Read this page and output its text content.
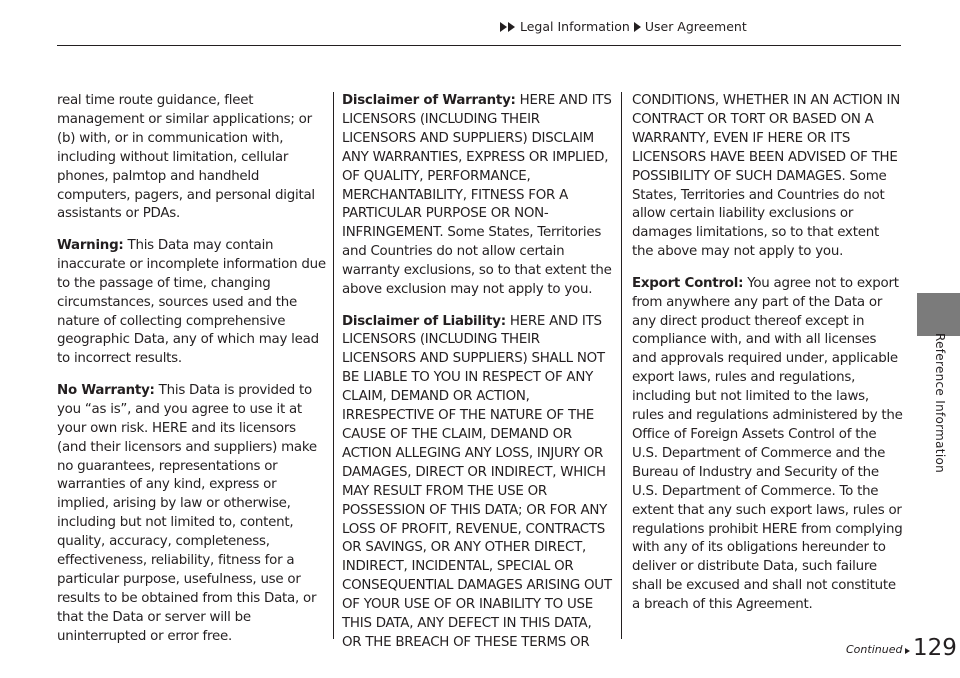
Legal Information User Agreement

real time route guidance, fleet management or similar applications; or (b) with, or in communication with, including without limitation, cellular phones, palmtop and handheld computers, pagers, and personal digital assistants or PDAs.

Warning: This Data may contain inaccurate or incomplete information due to the passage of time, changing circumstances, sources used and the nature of collecting comprehensive geographic Data, any of which may lead to incorrect results.

No Warranty: This Data is provided to you “as is”, and you agree to use it at your own risk. HERE and its licensors (and their licensors and suppliers) make no guarantees, representations or warranties of any kind, express or implied, arising by law or otherwise, including but not limited to, content, quality, accuracy, completeness, effectiveness, reliability, fitness for a particular purpose, usefulness, use or results to be obtained from this Data, or that the Data or server will be uninterrupted or error free.

Disclaimer of Warranty: HERE AND ITS LICENSORS (INCLUDING THEIR LICENSORS AND SUPPLIERS) DISCLAIM ANY WARRANTIES, EXPRESS OR IMPLIED, OF QUALITY, PERFORMANCE, MERCHANTABILITY, FITNESS FOR A PARTICULAR PURPOSE OR NON-INFRINGEMENT. Some States, Territories and Countries do not allow certain warranty exclusions, so to that extent the above exclusion may not apply to you.

Disclaimer of Liability: HERE AND ITS LICENSORS (INCLUDING THEIR LICENSORS AND SUPPLIERS) SHALL NOT BE LIABLE TO YOU IN RESPECT OF ANY CLAIM, DEMAND OR ACTION, IRRESPECTIVE OF THE NATURE OF THE CAUSE OF THE CLAIM, DEMAND OR ACTION ALLEGING ANY LOSS, INJURY OR DAMAGES, DIRECT OR INDIRECT, WHICH MAY RESULT FROM THE USE OR POSSESSION OF THIS DATA; OR FOR ANY LOSS OF PROFIT, REVENUE, CONTRACTS OR SAVINGS, OR ANY OTHER DIRECT, INDIRECT, INCIDENTAL, SPECIAL OR CONSEQUENTIAL DAMAGES ARISING OUT OF YOUR USE OF OR INABILITY TO USE THIS DATA, ANY DEFECT IN THIS DATA, OR THE BREACH OF THESE TERMS OR

CONDITIONS, WHETHER IN AN ACTION IN CONTRACT OR TORT OR BASED ON A WARRANTY, EVEN IF HERE OR ITS LICENSORS HAVE BEEN ADVISED OF THE POSSIBILITY OF SUCH DAMAGES. Some States, Territories and Countries do not allow certain liability exclusions or damages limitations, so to that extent the above may not apply to you.

Export Control: You agree not to export from anywhere any part of the Data or any direct product thereof except in compliance with, and with all licenses and approvals required under, applicable export laws, rules and regulations, including but not limited to the laws, rules and regulations administered by the Office of Foreign Assets Control of the U.S. Department of Commerce and the Bureau of Industry and Security of the U.S. Department of Commerce. To the extent that any such export laws, rules or regulations prohibit HERE from complying with any of its obligations hereunder to deliver or distribute Data, such failure shall be excused and shall not constitute a breach of this Agreement.

Reference Information
Continued 129
